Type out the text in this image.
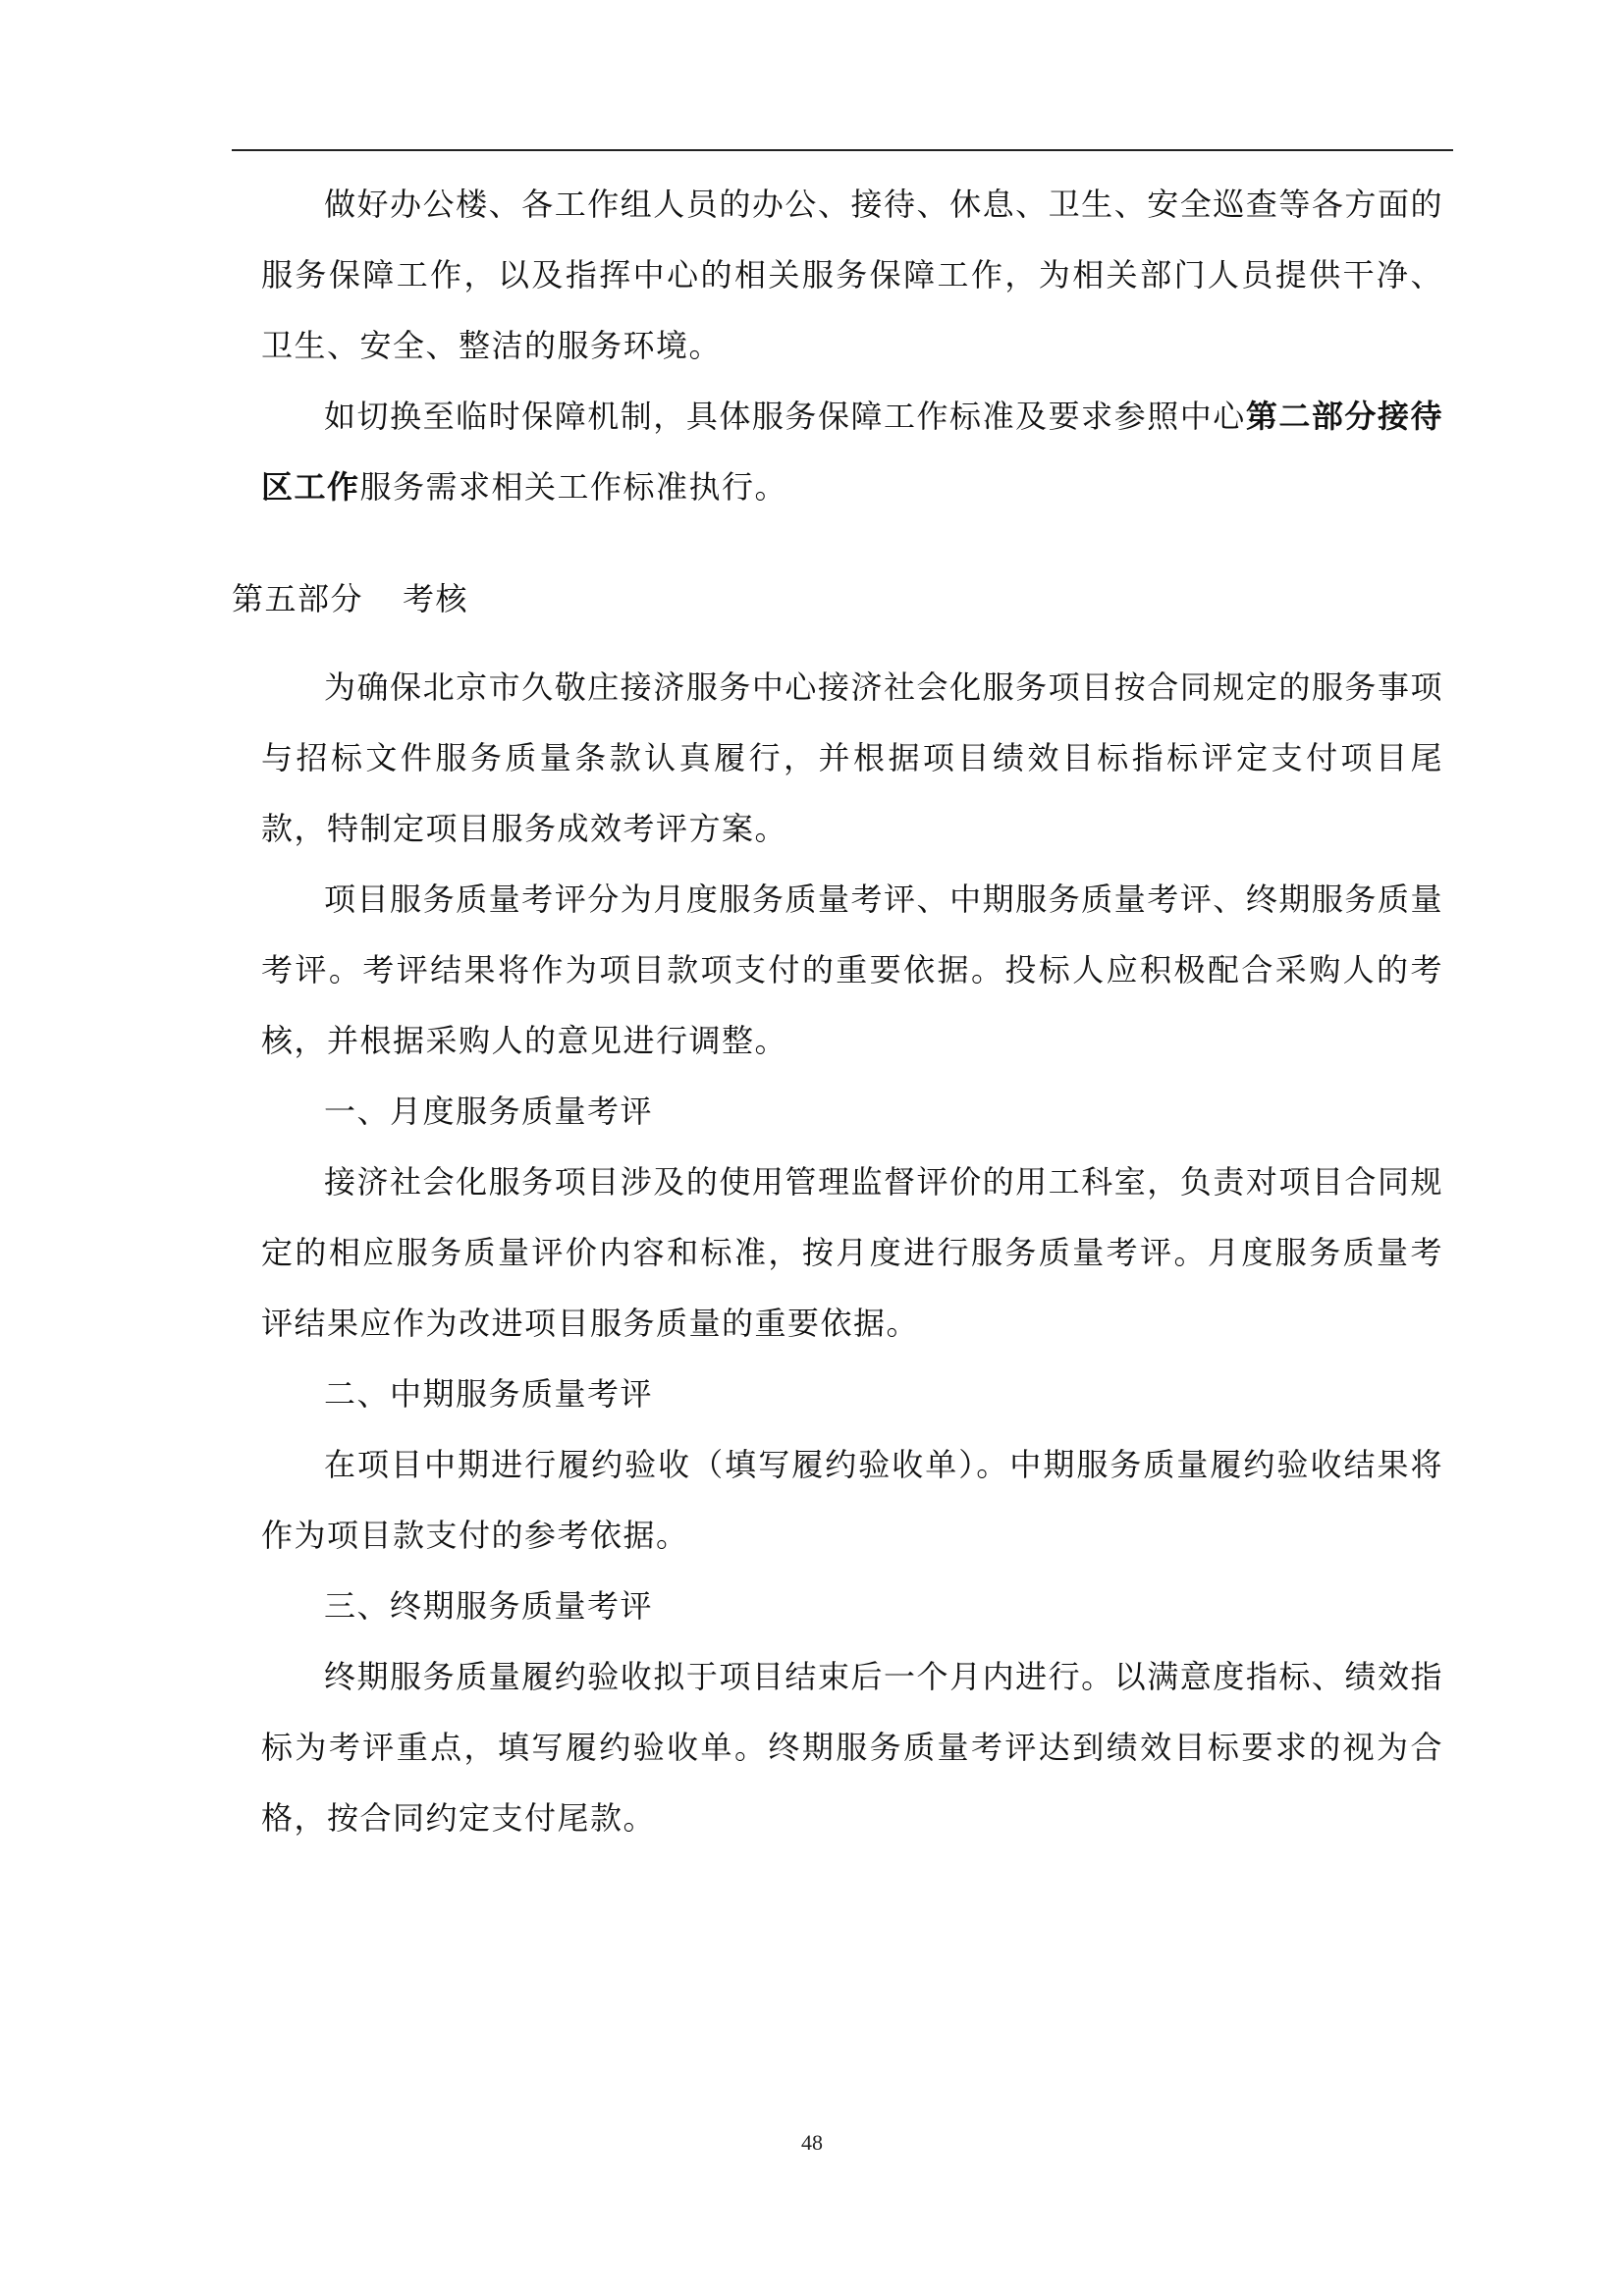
做好办公楼、各工作组人员的办公、接待、休息、卫生、安全巡查等各方面的服务保障工作，以及指挥中心的相关服务保障工作，为相关部门人员提供干净、卫生、安全、整洁的服务环境。

如切换至临时保障机制，具体服务保障工作标准及要求参照中心第二部分接待区工作服务需求相关工作标准执行。

第五部分 考核

为确保北京市久敬庄接济服务中心接济社会化服务项目按合同规定的服务事项与招标文件服务质量条款认真履行，并根据项目绩效目标指标评定支付项目尾款，特制定项目服务成效考评方案。

项目服务质量考评分为月度服务质量考评、中期服务质量考评、终期服务质量考评。考评结果将作为项目款项支付的重要依据。投标人应积极配合采购人的考核，并根据采购人的意见进行调整。

一、月度服务质量考评

接济社会化服务项目涉及的使用管理监督评价的用工科室，负责对项目合同规定的相应服务质量评价内容和标准，按月度进行服务质量考评。月度服务质量考评结果应作为改进项目服务质量的重要依据。

二、中期服务质量考评

在项目中期进行履约验收（填写履约验收单）。中期服务质量履约验收结果将作为项目款支付的参考依据。

三、终期服务质量考评

终期服务质量履约验收拟于项目结束后一个月内进行。以满意度指标、绩效指标为考评重点，填写履约验收单。终期服务质量考评达到绩效目标要求的视为合格，按合同约定支付尾款。

48
